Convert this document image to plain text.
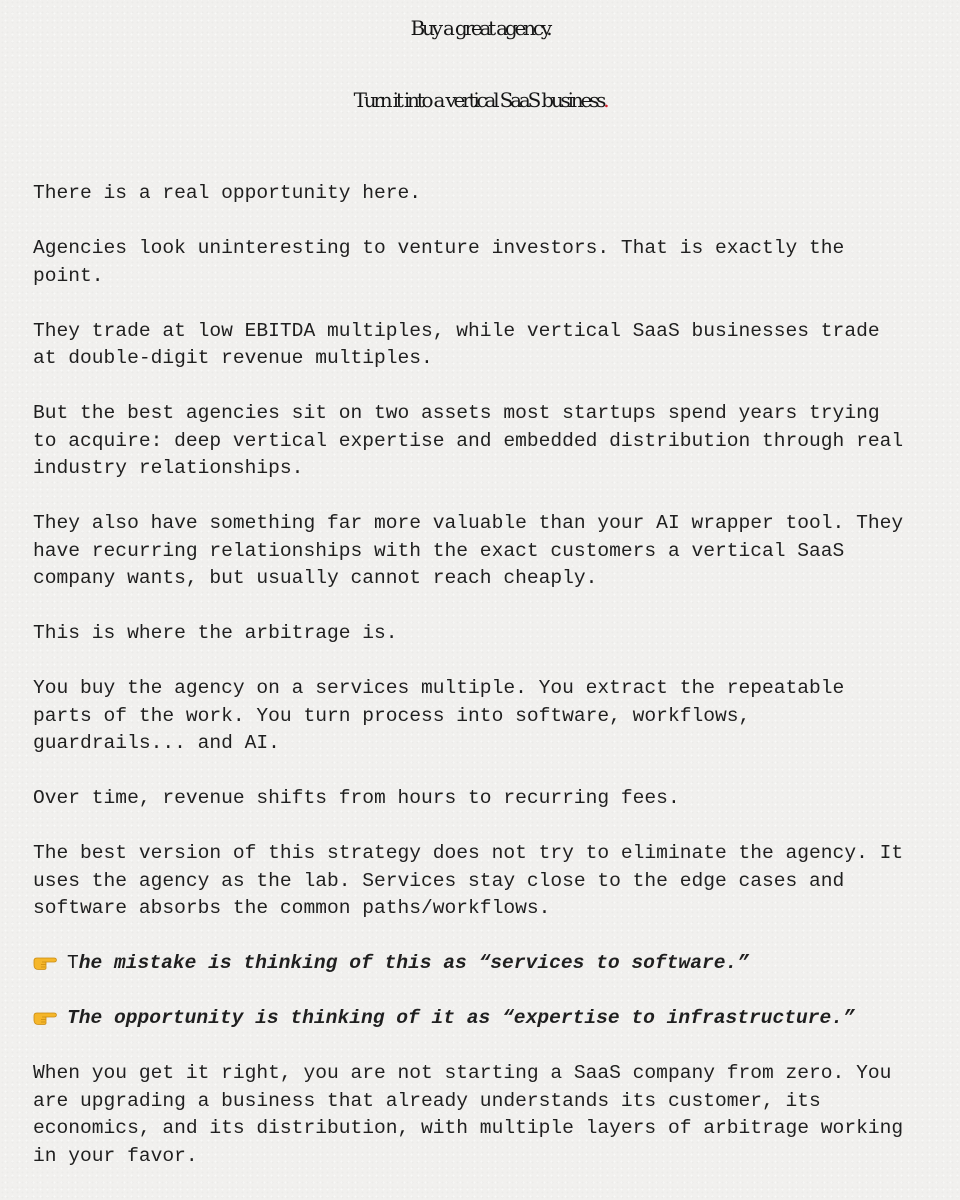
Buy a great agency.
Turn it into a vertical SaaS business.

There is a real opportunity here.

Agencies look uninteresting to venture investors. That is exactly the
point.

They trade at low EBITDA multiples, while vertical SaaS businesses trade
at double-digit revenue multiples.

But the best agencies sit on two assets most startups spend years trying
to acquire: deep vertical expertise and embedded distribution through real
industry relationships.

They also have something far more valuable than your AI wrapper tool. They
have recurring relationships with the exact customers a vertical SaaS
company wants, but usually cannot reach cheaply.

This is where the arbitrage is.

You buy the agency on a services multiple. You extract the repeatable
parts of the work. You turn process into software, workflows,
guardrails... and AI.

Over time, revenue shifts from hours to recurring fees.

The best version of this strategy does not try to eliminate the agency. It
uses the agency as the lab. Services stay close to the edge cases and
software absorbs the common paths/workflows.

The mistake is thinking of this as “services to software.”

The opportunity is thinking of it as “expertise to infrastructure.”

When you get it right, you are not starting a SaaS company from zero. You
are upgrading a business that already understands its customer, its
economics, and its distribution, with multiple layers of arbitrage working
in your favor.
